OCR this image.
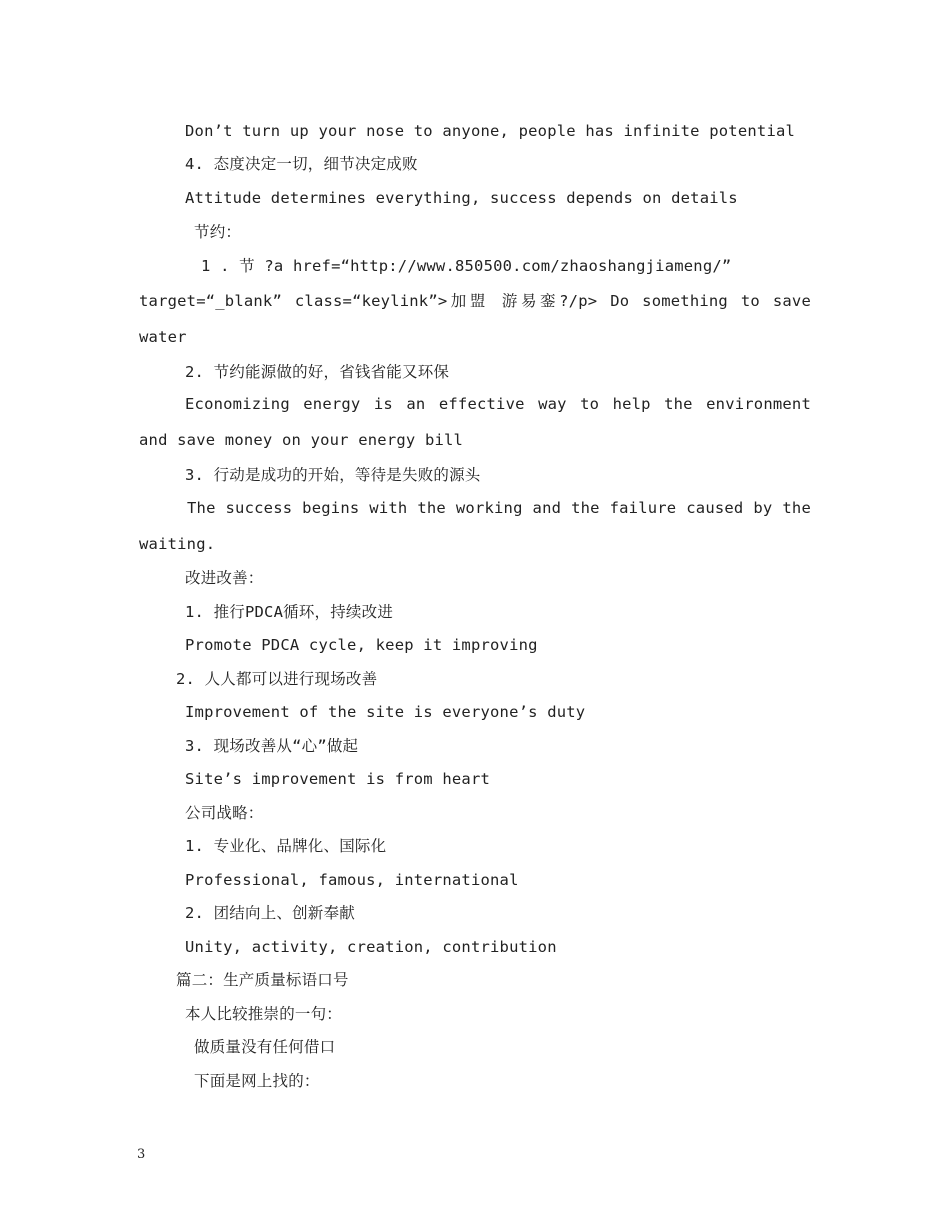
Don’t turn up your nose to anyone, people has infinite potential
4. 态度决定一切，细节决定成败
Attitude determines everything, success depends on details
节约：
1 . 节 ?a href=“http://www.850500.com/zhaoshangjiameng/”
target=“_blank” class=“keylink”>加盟 游易銮?/p> Do something to save water
2. 节约能源做的好，省钱省能又环保
Economizing energy is an effective way to help the environment and save money on your energy bill
3. 行动是成功的开始，等待是失败的源头
The success begins with the working and the failure caused by the waiting.
改进改善：
1. 推行PDCA循环，持续改进
Promote PDCA cycle, keep it improving
2. 人人都可以进行现场改善
Improvement of the site is everyone’s duty
3. 现场改善从“心”做起
Site’s improvement is from heart
公司战略：
1. 专业化、品牌化、国际化
Professional, famous, international
2. 团结向上、创新奉献
Unity, activity, creation, contribution
篇二：生产质量标语口号
本人比较推崇的一句：
做质量没有任何借口
下面是网上找的：
3
